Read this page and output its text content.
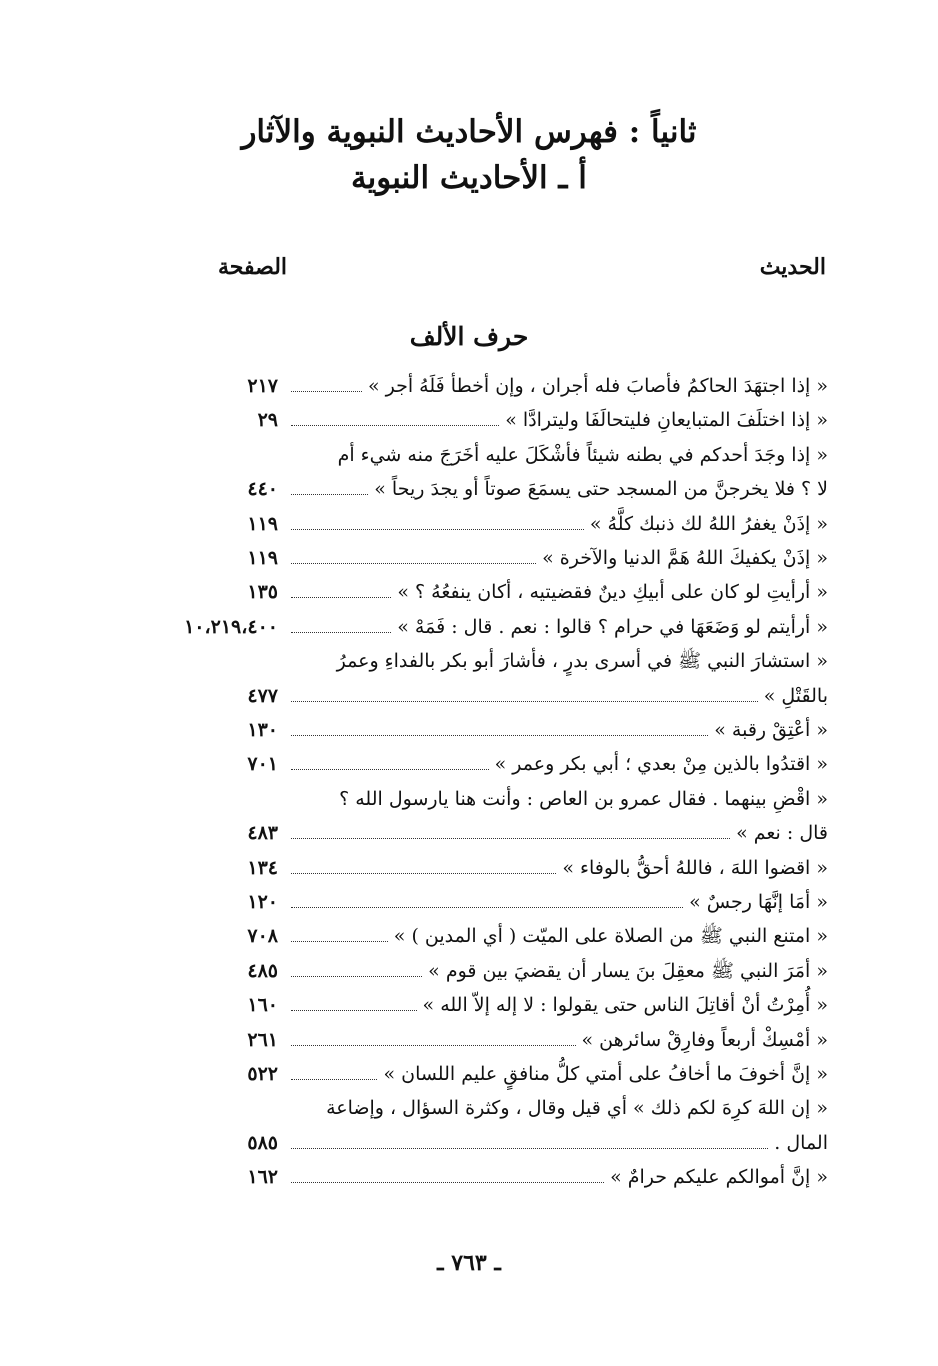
ثانياً : فهرس الأحاديث النبوية والآثار
أ ـ الأحاديث النبوية
الحديث
الصفحة
حرف الألف
٢١٧	« إذا اجتهَدَ الحاكمُ فأصابَ فله أجران ، وإن أخطأ فَلَهُ أجر »
٢٩	« إذا اختلَفَ المتبايعانِ فليتحالَفَا وليترادَّا »
« إذا وجَدَ أحدكم في بطنه شيئاً فأشْكَلَ عليه أخَرَجَ منه شيء أم
٤٤٠	لا ؟ فلا يخرجنَّ من المسجد حتى يسمَعَ صوتاً أو يجدَ ريحاً »
١١٩	« إذَنْ يغفرُ اللهُ لك ذنبك كلَّهُ »
١١٩	« إذَنْ يكفيكَ اللهُ هَمَّ الدنيا والآخرة »
١٣٥	« أرأيتِ لو كان على أبيكِ دينٌ فقضيتيه ، أكان ينفعُهُ ؟ »
١٠،٢١٩،٤٠٠	« أرأيتم لو وَضَعَهَا في حرام ؟ قالوا : نعم . قال : فَمَهْ »
« استشارَ النبي ﷺ في أسرى بدرٍ ، فأشارَ أبو بكر بالفداءِ وعمرُ
٤٧٧	بالقَتْلِ »
١٣٠	« أعْتِقْ رقبة »
٧٠١	« اقتدُوا بالذين مِنْ بعدي ؛ أبي بكر وعمر »
« اقْضِ بينهما . فقال عمرو بن العاص : وأنت هنا يارسول الله ؟
٤٨٣	قال : نعم »
١٣٤	« اقضوا اللهَ ، فاللهُ أحقُّ بالوفاء »
١٢٠	« أمَا إنَّهَا رجسٌ »
٧٠٨	« امتنع النبي ﷺ من الصلاة على الميّت ( أي المدين ) »
٤٨٥	« أمَرَ النبي ﷺ معقِلَ بنَ يسار أن يقضيَ بين قوم »
١٦٠	« أُمِرْتُ أنْ أقاتِلَ الناس حتى يقولوا : لا إله إلاّ الله »
٢٦١	« أمْسِكْ أربعاً وفارِقْ سائرهن »
٥٢٢	« إنَّ أخوفَ ما أخافُ على أمتي كلُّ منافقٍ عليم اللسان »
« إن اللهَ كرِهَ لكم ذلك » أي قيل وقال ، وكثرة السؤال ، وإضاعة
٥٨٥	المال .
١٦٢	« إنَّ أموالكم عليكم حرامٌ »
ـ ٧٦٣ ـ
